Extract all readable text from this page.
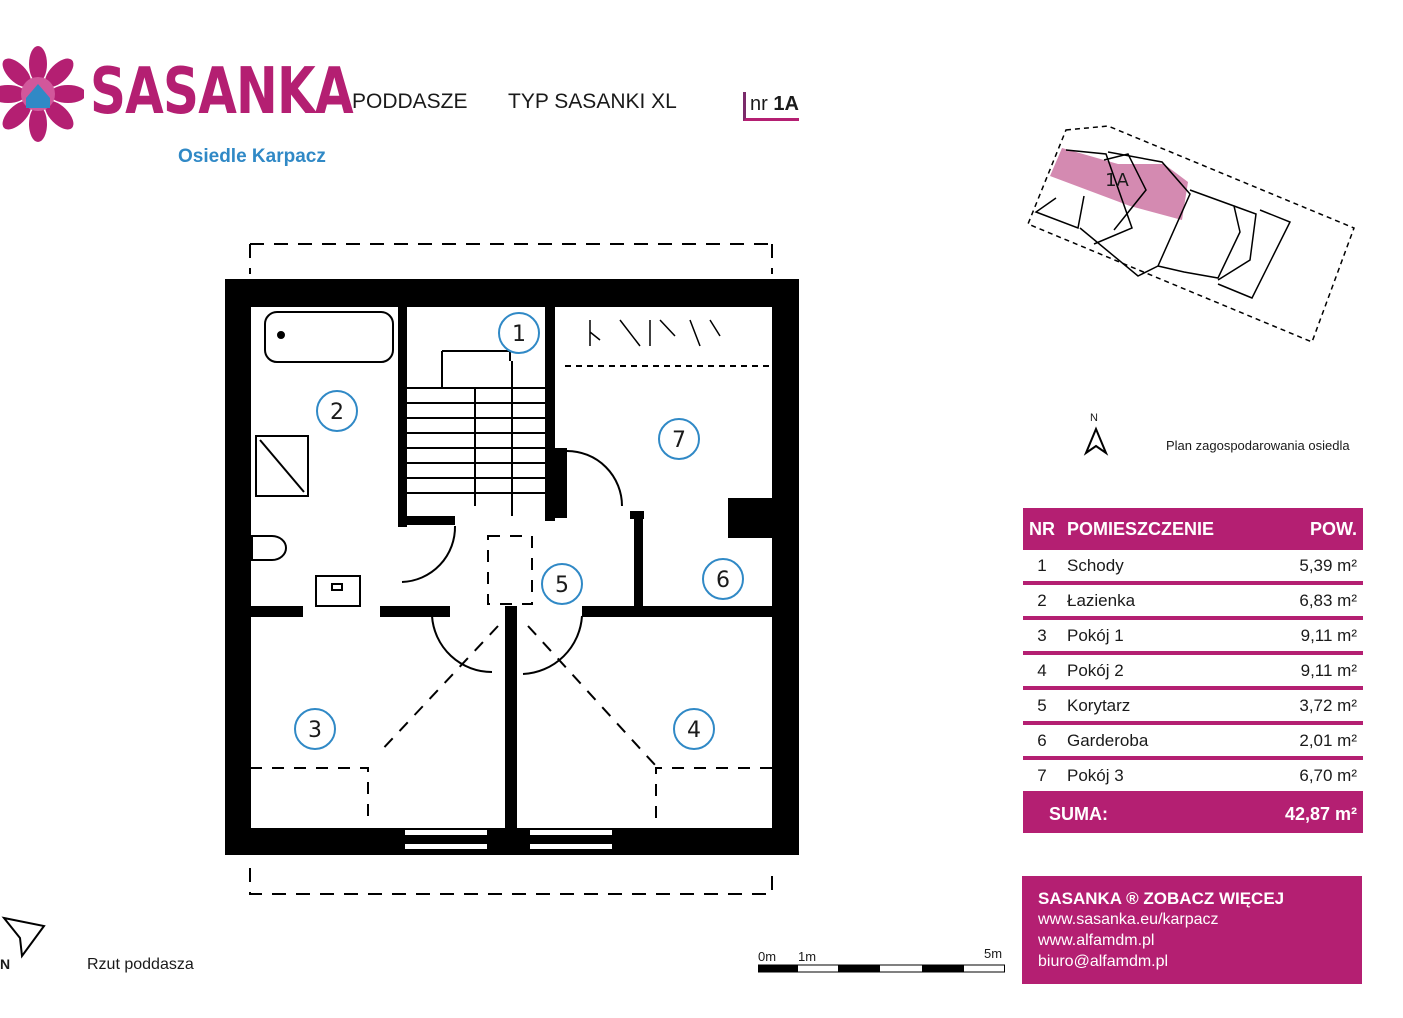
SASANKA
Osiedle Karpacz
PODDASZE TYP SASANKI XL	nr 1A
1
2
3	4
5	6
7
N	Rzut poddasza	0m 1m	5m
1A
N
Plan zagospodarowania osiedla
NR	POMIESZCZENIE	POW.
1	Schody	5,39 m²
2	Łazienka	6,83 m²
3	Pokój 1	9,11 m²
4	Pokój 2	9,11 m²
5	Korytarz	3,72 m²
6	Garderoba	2,01 m²
7	Pokój 3	6,70 m²
SUMA:		42,87 m²
SASANKA ® ZOBACZ WIĘCEJ
www.sasanka.eu/karpacz
www.alfamdm.pl
biuro@alfamdm.pl
